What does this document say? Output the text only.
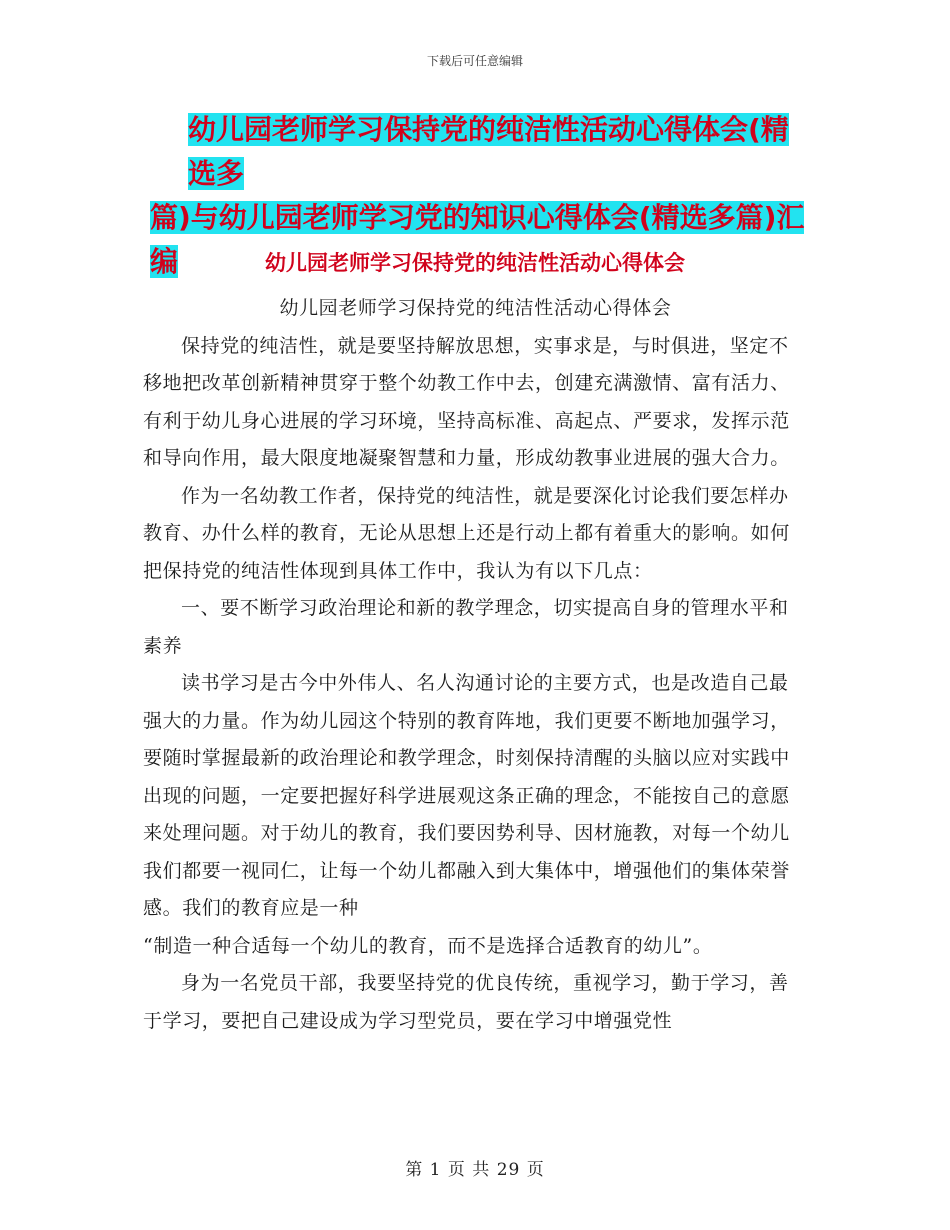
下载后可任意编辑
幼儿园老师学习保持党的纯洁性活动心得体会(精选多
篇)与幼儿园老师学习党的知识心得体会(精选多篇)汇编	幼儿园老师学习保持党的纯洁性活动心得体会

幼儿园老师学习保持党的纯洁性活动心得体会

保持党的纯洁性，就是要坚持解放思想，实事求是，与时俱进，坚定不移地把改革创新精神贯穿于整个幼教工作中去，创建充满激情、富有活力、有利于幼儿身心进展的学习环境，坚持高标准、高起点、严要求，发挥示范和导向作用，最大限度地凝聚智慧和力量，形成幼教事业进展的强大合力。

作为一名幼教工作者，保持党的纯洁性，就是要深化讨论我们要怎样办教育、办什么样的教育，无论从思想上还是行动上都有着重大的影响。如何把保持党的纯洁性体现到具体工作中，我认为有以下几点：

一、要不断学习政治理论和新的教学理念，切实提高自身的管理水平和素养

读书学习是古今中外伟人、名人沟通讨论的主要方式，也是改造自己最强大的力量。作为幼儿园这个特别的教育阵地，我们更要不断地加强学习，要随时掌握最新的政治理论和教学理念，时刻保持清醒的头脑以应对实践中出现的问题，一定要把握好科学进展观这条正确的理念，不能按自己的意愿来处理问题。对于幼儿的教育，我们要因势利导、因材施教，对每一个幼儿我们都要一视同仁，让每一个幼儿都融入到大集体中，增强他们的集体荣誉感。我们的教育应是一种

“制造一种合适每一个幼儿的教育，而不是选择合适教育的幼儿”。

身为一名党员干部，我要坚持党的优良传统，重视学习，勤于学习，善于学习，要把自己建设成为学习型党员，要在学习中增强党性

第 1 页 共 29 页
